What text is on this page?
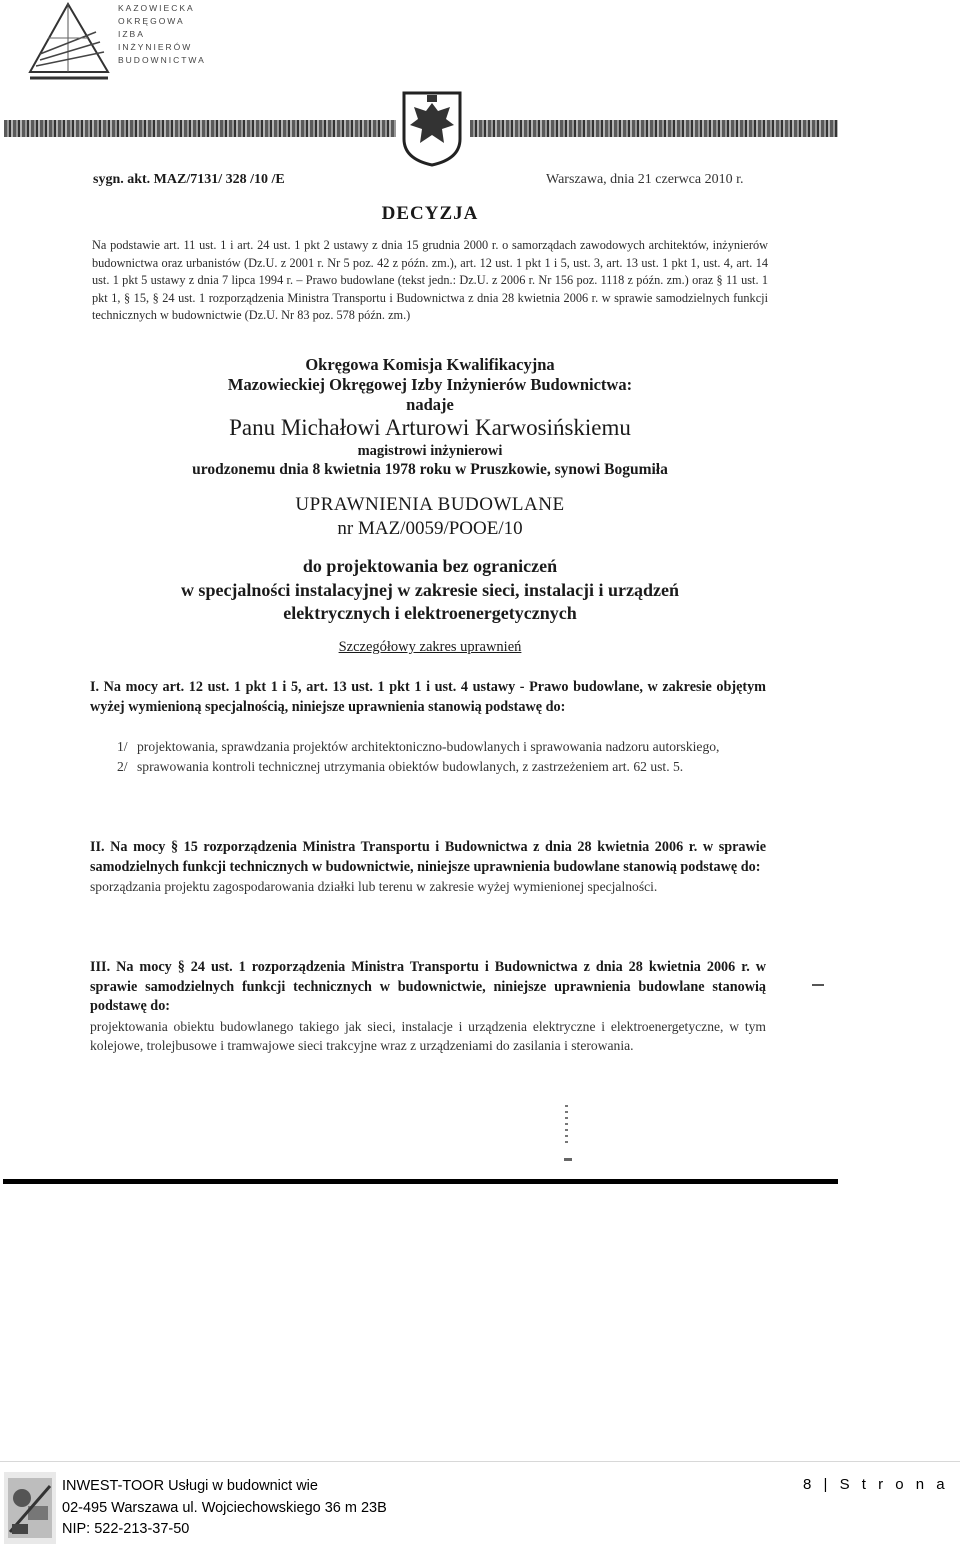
KAZOWIECKA
OKRĘGOWA
IZBA
INŻYNIERÓW
BUDOWNICTWA
sygn. akt. MAZ/7131/ 328 /10 /E	Warszawa, dnia 21 czerwca 2010 r.
DECYZJA
Na podstawie art. 11 ust. 1 i art. 24 ust. 1 pkt 2 ustawy z dnia 15 grudnia 2000 r. o samorządach zawodowych architektów, inżynierów budownictwa oraz urbanistów (Dz.U. z 2001 r. Nr 5 poz. 42 z późn. zm.), art. 12 ust. 1 pkt 1 i 5, ust. 3, art. 13 ust. 1 pkt 1, ust. 4, art. 14 ust. 1 pkt 5 ustawy z dnia 7 lipca 1994 r. – Prawo budowlane (tekst jedn.: Dz.U. z 2006 r. Nr 156 poz. 1118 z późn. zm.) oraz § 11 ust. 1 pkt 1, § 15, § 24 ust. 1 rozporządzenia Ministra Transportu i Budownictwa z dnia 28 kwietnia 2006 r. w sprawie samodzielnych funkcji technicznych w budownictwie (Dz.U. Nr 83 poz. 578 późn. zm.)
Okręgowa Komisja Kwalifikacyjna
Mazowieckiej Okręgowej Izby Inżynierów Budownictwa:
nadaje
Panu Michałowi Arturowi Karwosińskiemu
magistrowi inżynierowi
urodzonemu dnia 8 kwietnia 1978 roku w Pruszkowie, synowi Bogumiła
UPRAWNIENIA BUDOWLANE
nr MAZ/0059/POOE/10
do projektowania bez ograniczeń
w specjalności instalacyjnej w zakresie sieci, instalacji i urządzeń
elektrycznych i elektroenergetycznych
Szczegółowy zakres uprawnień
I. Na mocy art. 12 ust. 1 pkt 1 i 5, art. 13 ust. 1 pkt 1 i ust. 4 ustawy - Prawo budowlane, w zakresie objętym wyżej wymienioną specjalnością, niniejsze uprawnienia stanowią podstawę do:
1/ projektowania, sprawdzania projektów architektoniczno-budowlanych i sprawowania nadzoru autorskiego,
2/ sprawowania kontroli technicznej utrzymania obiektów budowlanych, z zastrzeżeniem art. 62 ust. 5.
II. Na mocy § 15 rozporządzenia Ministra Transportu i Budownictwa z dnia 28 kwietnia 2006 r. w sprawie samodzielnych funkcji technicznych w budownictwie, niniejsze uprawnienia budowlane stanowią podstawę do:
sporządzania projektu zagospodarowania działki lub terenu w zakresie wyżej wymienionej specjalności.
III. Na mocy § 24 ust. 1 rozporządzenia Ministra Transportu i Budownictwa z dnia 28 kwietnia 2006 r. w sprawie samodzielnych funkcji technicznych w budownictwie, niniejsze uprawnienia budowlane stanowią podstawę do:
projektowania obiektu budowlanego takiego jak sieci, instalacje i urządzenia elektryczne i elektroenergetyczne, w tym kolejowe, trolejbusowe i tramwajowe sieci trakcyjne wraz z urządzeniami do zasilania i sterowania.
INWEST-TOOR Usługi w budownict wie
02-495 Warszawa ul. Wojciechowskiego 36 m 23B
NIP: 522-213-37-50
8 | S t r o n a
